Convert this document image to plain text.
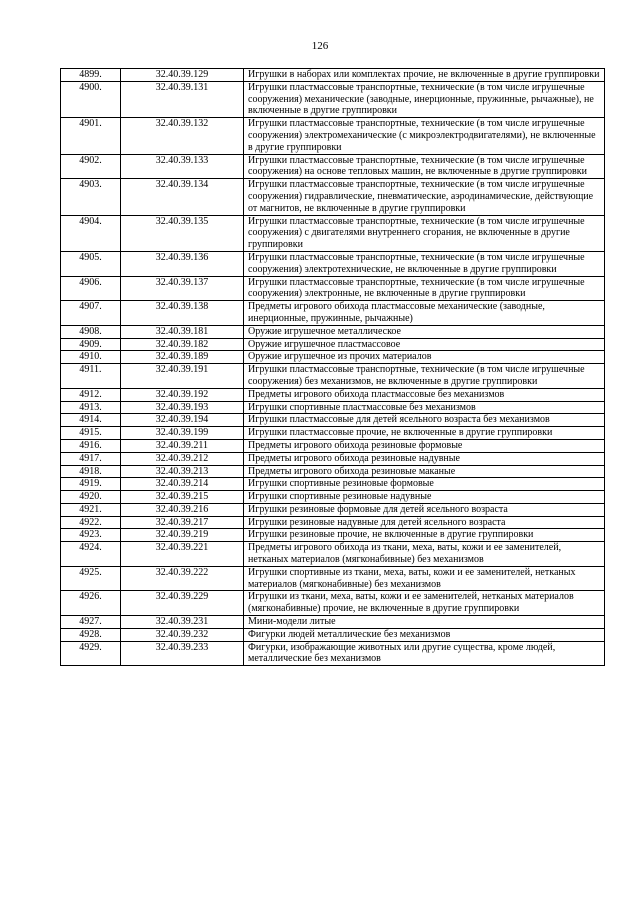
126
4899.	32.40.39.129	Игрушки в наборах или комплектах прочие, не включенные в другие группировки
4900.	32.40.39.131	Игрушки пластмассовые транспортные, технические (в том числе игрушечные сооружения) механические (заводные, инерционные, пружинные, рычажные), не включенные в другие группировки
4901.	32.40.39.132	Игрушки пластмассовые транспортные, технические (в том числе игрушечные сооружения) электромеханические (с микроэлектродвигателями), не включенные в другие группировки
4902.	32.40.39.133	Игрушки пластмассовые транспортные, технические (в том числе игрушечные сооружения) на основе тепловых машин, не включенные в другие группировки
4903.	32.40.39.134	Игрушки пластмассовые транспортные, технические (в том числе игрушечные сооружения) гидравлические, пневматические, аэродинамические, действующие от магнитов, не включенные в другие группировки
4904.	32.40.39.135	Игрушки пластмассовые транспортные, технические (в том числе игрушечные сооружения) с двигателями внутреннего сгорания, не включенные в другие группировки
4905.	32.40.39.136	Игрушки пластмассовые транспортные, технические (в том числе игрушечные сооружения) электротехнические, не включенные в другие группировки
4906.	32.40.39.137	Игрушки пластмассовые транспортные, технические (в том числе игрушечные сооружения) электронные, не включенные в другие группировки
4907.	32.40.39.138	Предметы игрового обихода пластмассовые механические (заводные, инерционные, пружинные, рычажные)
4908.	32.40.39.181	Оружие игрушечное металлическое
4909.	32.40.39.182	Оружие игрушечное пластмассовое
4910.	32.40.39.189	Оружие игрушечное из прочих материалов
4911.	32.40.39.191	Игрушки пластмассовые транспортные, технические (в том числе игрушечные сооружения) без механизмов, не включенные в другие группировки
4912.	32.40.39.192	Предметы игрового обихода пластмассовые без механизмов
4913.	32.40.39.193	Игрушки спортивные пластмассовые без механизмов
4914.	32.40.39.194	Игрушки пластмассовые для детей ясельного возраста без механизмов
4915.	32.40.39.199	Игрушки пластмассовые прочие, не включенные в другие группировки
4916.	32.40.39.211	Предметы игрового обихода резиновые формовые
4917.	32.40.39.212	Предметы игрового обихода резиновые надувные
4918.	32.40.39.213	Предметы игрового обихода резиновые маканые
4919.	32.40.39.214	Игрушки спортивные резиновые формовые
4920.	32.40.39.215	Игрушки спортивные резиновые надувные
4921.	32.40.39.216	Игрушки резиновые формовые для детей ясельного возраста
4922.	32.40.39.217	Игрушки резиновые надувные для детей ясельного возраста
4923.	32.40.39.219	Игрушки резиновые прочие, не включенные в другие группировки
4924.	32.40.39.221	Предметы игрового обихода из ткани, меха, ваты, кожи и ее заменителей, нетканых материалов (мягконабивные) без механизмов
4925.	32.40.39.222	Игрушки спортивные из ткани, меха, ваты, кожи и ее заменителей, нетканых материалов (мягконабивные) без механизмов
4926.	32.40.39.229	Игрушки из ткани, меха, ваты, кожи и ее заменителей, нетканых материалов (мягконабивные) прочие, не включенные в другие группировки
4927.	32.40.39.231	Мини-модели литые
4928.	32.40.39.232	Фигурки людей металлические без механизмов
4929.	32.40.39.233	Фигурки, изображающие животных или другие существа, кроме людей, металлические без механизмов
